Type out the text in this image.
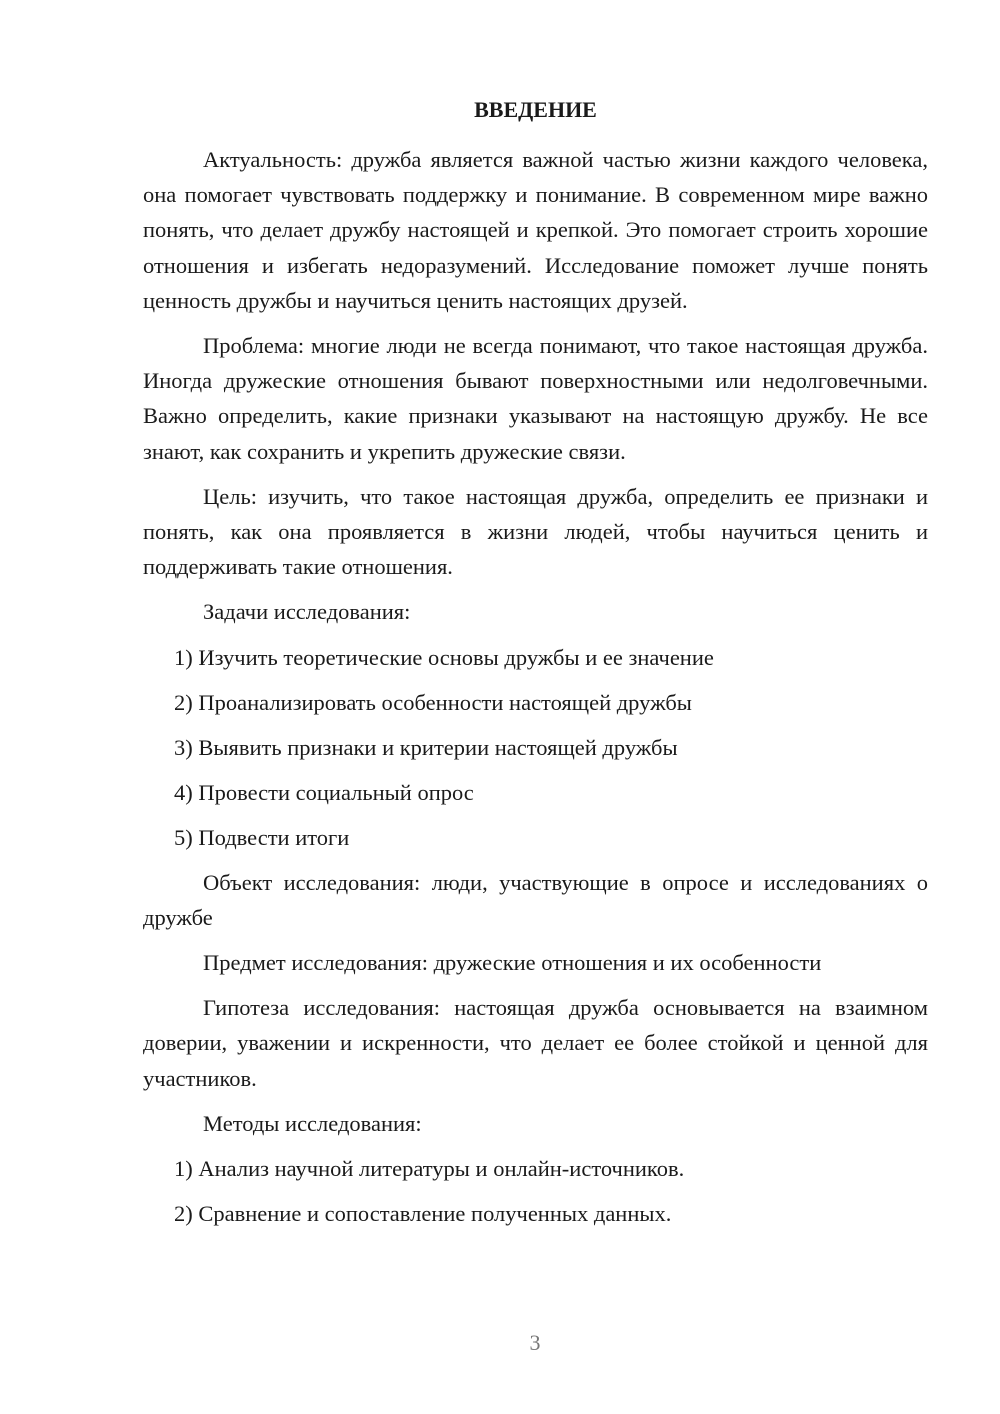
ВВЕДЕНИЕ

Актуальность: дружба является важной частью жизни каждого человека, она помогает чувствовать поддержку и понимание. В современном мире важно понять, что делает дружбу настоящей и крепкой. Это помогает строить хорошие отношения и избегать недоразумений. Исследование поможет лучше понять ценность дружбы и научиться ценить настоящих друзей.

Проблема: многие люди не всегда понимают, что такое настоящая дружба. Иногда дружеские отношения бывают поверхностными или недолговечными. Важно определить, какие признаки указывают на настоящую дружбу. Не все знают, как сохранить и укрепить дружеские связи.

Цель: изучить, что такое настоящая дружба, определить ее признаки и понять, как она проявляется в жизни людей, чтобы научиться ценить и поддерживать такие отношения.

Задачи исследования:

1) Изучить теоретические основы дружбы и ее значение
2) Проанализировать особенности настоящей дружбы
3) Выявить признаки и критерии настоящей дружбы
4) Провести социальный опрос
5) Подвести итоги

Объект исследования: люди, участвующие в опросе и исследованиях о дружбе

Предмет исследования: дружеские отношения и их особенности

Гипотеза исследования: настоящая дружба основывается на взаимном доверии, уважении и искренности, что делает ее более стойкой и ценной для участников.

Методы исследования:

1) Анализ научной литературы и онлайн-источников.
2) Сравнение и сопоставление полученных данных.
3
